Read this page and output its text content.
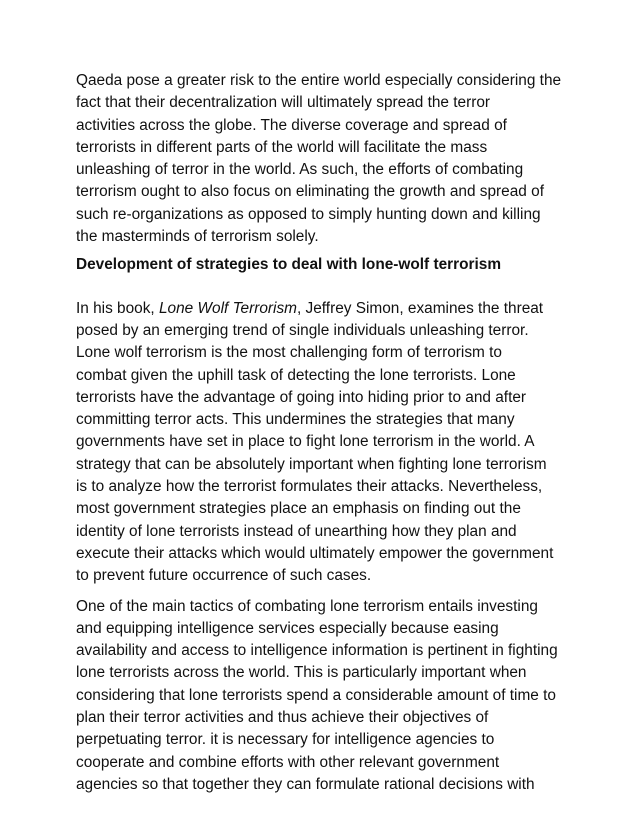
Qaeda pose a greater risk to the entire world especially considering the
fact that their decentralization will ultimately spread the terror
activities across the globe. The diverse coverage and spread of
terrorists in different parts of the world will facilitate the mass
unleashing of terror in the world. As such, the efforts of combating
terrorism ought to also focus on eliminating the growth and spread of
such re-organizations as opposed to simply hunting down and killing
the masterminds of terrorism solely.
Development of strategies to deal with lone-wolf terrorism
In his book, Lone Wolf Terrorism, Jeffrey Simon, examines the threat
posed by an emerging trend of single individuals unleashing terror.
Lone wolf terrorism is the most challenging form of terrorism to
combat given the uphill task of detecting the lone terrorists. Lone
terrorists have the advantage of going into hiding prior to and after
committing terror acts. This undermines the strategies that many
governments have set in place to fight lone terrorism in the world. A
strategy that can be absolutely important when fighting lone terrorism
is to analyze how the terrorist formulates their attacks. Nevertheless,
most government strategies place an emphasis on finding out the
identity of lone terrorists instead of unearthing how they plan and
execute their attacks which would ultimately empower the government
to prevent future occurrence of such cases.
One of the main tactics of combating lone terrorism entails investing
and equipping intelligence services especially because easing
availability and access to intelligence information is pertinent in fighting
lone terrorists across the world. This is particularly important when
considering that lone terrorists spend a considerable amount of time to
plan their terror activities and thus achieve their objectives of
perpetuating terror. it is necessary for intelligence agencies to
cooperate and combine efforts with other relevant government
agencies so that together they can formulate rational decisions with
